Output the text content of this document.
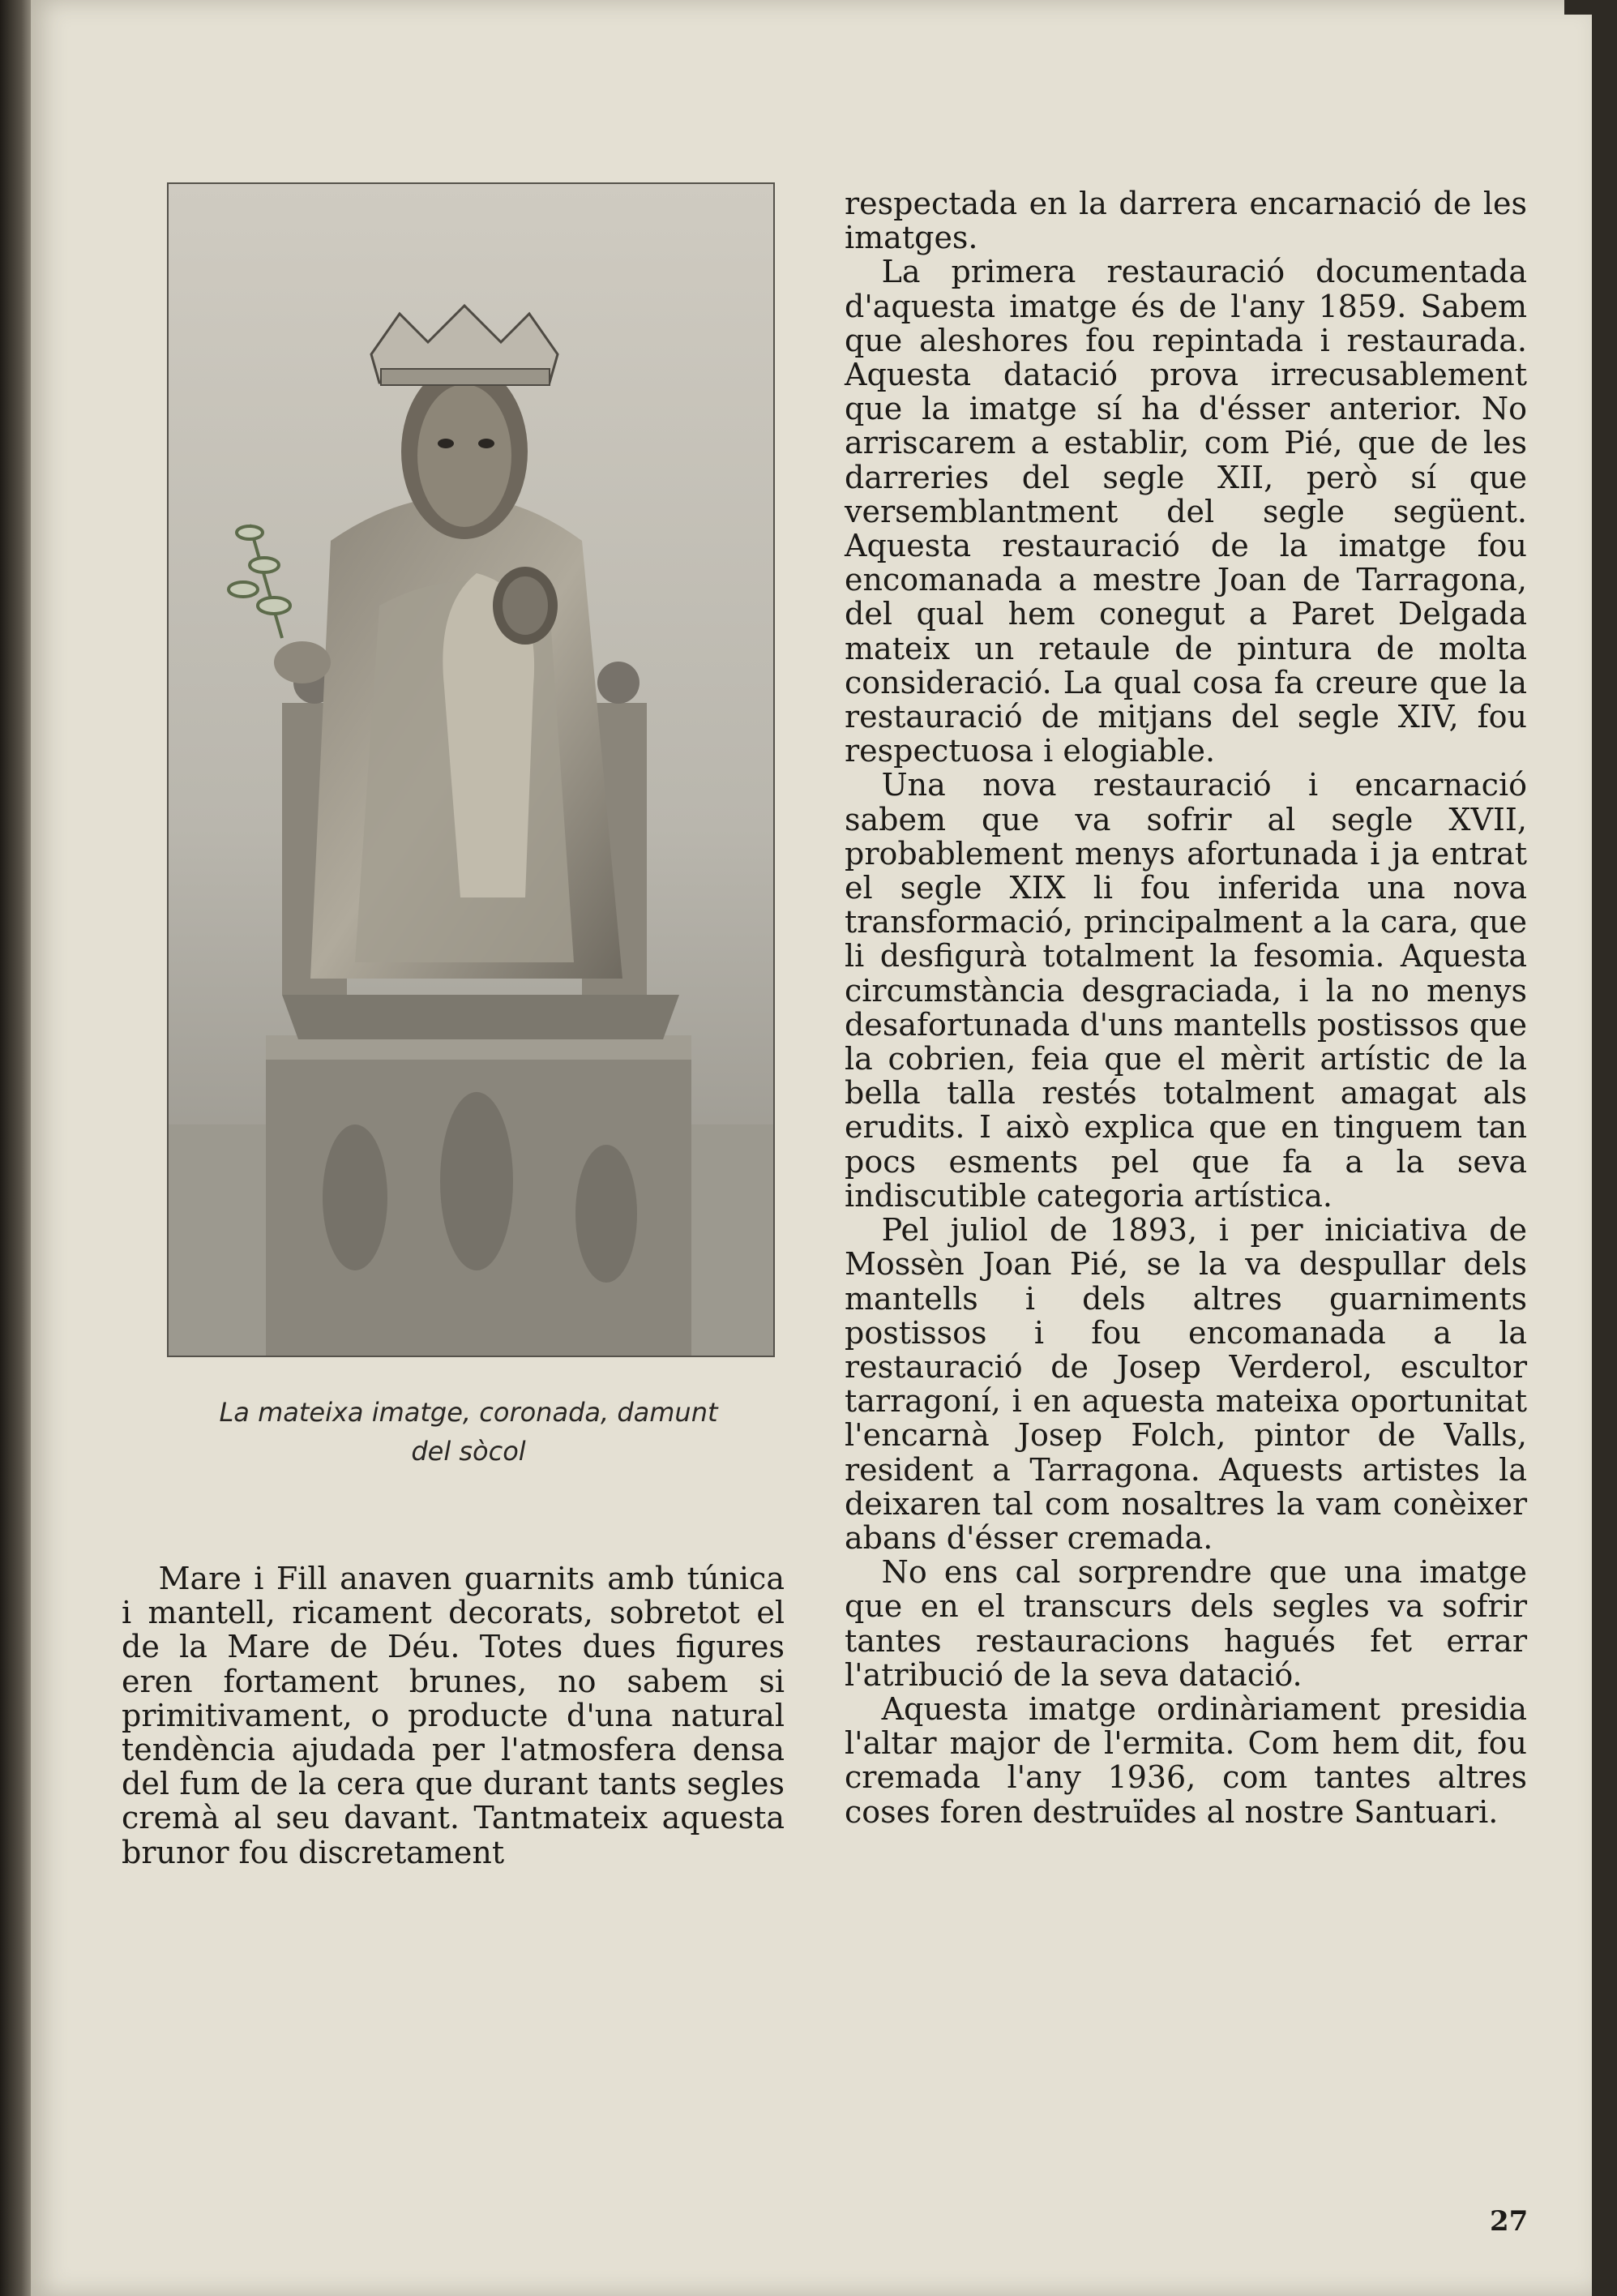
La mateixa imatge, coronada, damunt
del sòcol

Mare i Fill anaven guarnits amb túnica i mantell, ricament decorats, sobretot el de la Mare de Déu. Totes dues figures eren fortament brunes, no sabem si primitivament, o producte d'una natural tendència ajudada per l'atmosfera densa del fum de la cera que durant tants segles cremà al seu davant. Tantmateix aquesta brunor fou discretament

respectada en la darrera encarnació de les imatges.

La primera restauració documentada d'aquesta imatge és de l'any 1859. Sabem que aleshores fou repintada i restaurada. Aquesta datació prova irrecusablement que la imatge sí ha d'ésser anterior. No arriscarem a establir, com Pié, que de les darreries del segle XII, però sí que versemblantment del segle següent. Aquesta restauració de la imatge fou encomanada a mestre Joan de Tarragona, del qual hem conegut a Paret Delgada mateix un retaule de pintura de molta consideració. La qual cosa fa creure que la restauració de mitjans del segle XIV, fou respectuosa i elogiable.

Una nova restauració i encarnació sabem que va sofrir al segle XVII, probablement menys afortunada i ja entrat el segle XIX li fou inferida una nova transformació, principalment a la cara, que li desfigurà totalment la fesomia. Aquesta circumstància desgraciada, i la no menys desafortunada d'uns mantells postissos que la cobrien, feia que el mèrit artístic de la bella talla restés totalment amagat als erudits. I això explica que en tinguem tan pocs esments pel que fa a la seva indiscutible categoria artística.

Pel juliol de 1893, i per iniciativa de Mossèn Joan Pié, se la va despullar dels mantells i dels altres guarniments postissos i fou encomanada a la restauració de Josep Verderol, escultor tarragoní, i en aquesta mateixa oportunitat l'encarnà Josep Folch, pintor de Valls, resident a Tarragona. Aquests artistes la deixaren tal com nosaltres la vam conèixer abans d'ésser cremada.

No ens cal sorprendre que una imatge que en el transcurs dels segles va sofrir tantes restauracions hagués fet errar l'atribució de la seva datació.

Aquesta imatge ordinàriament presidia l'altar major de l'ermita. Com hem dit, fou cremada l'any 1936, com tantes altres coses foren destruïdes al nostre Santuari.

27
